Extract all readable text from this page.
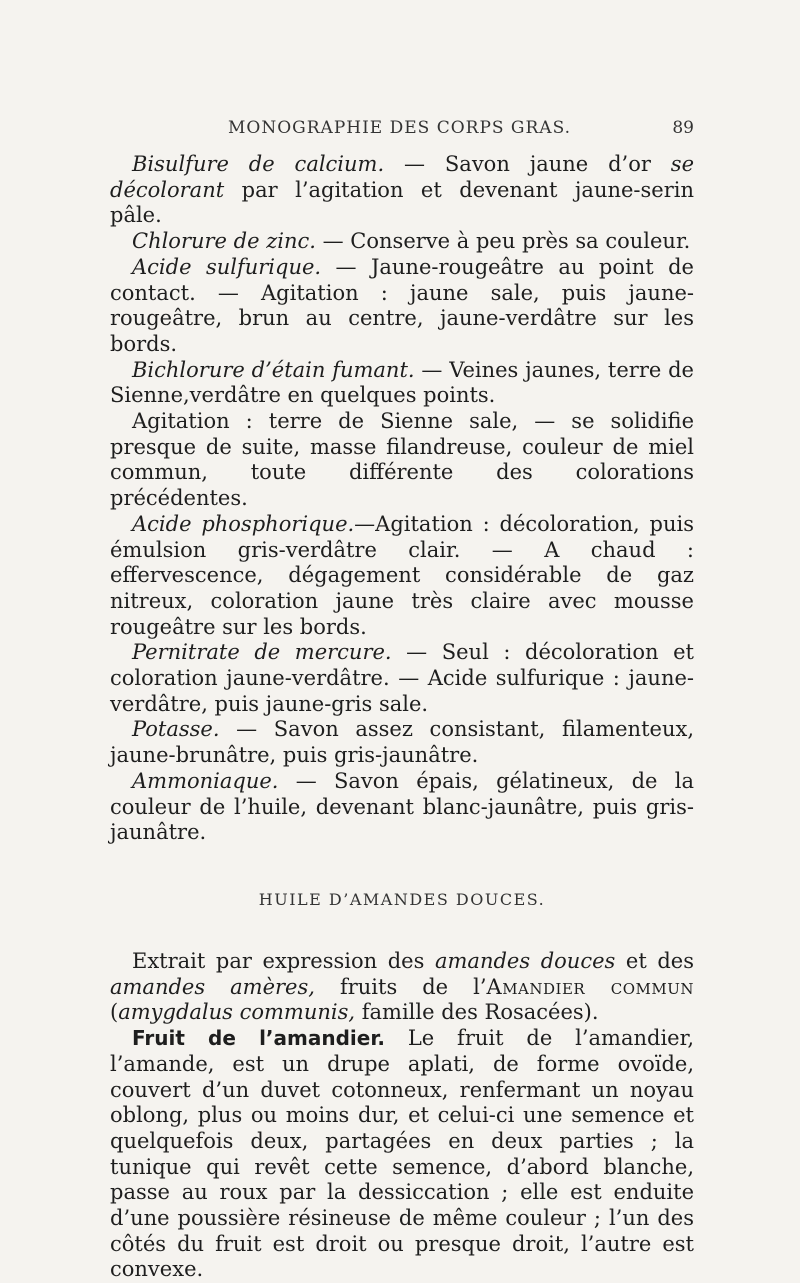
MONOGRAPHIE DES CORPS GRAS.	89

Bisulfure de calcium. — Savon jaune d’or se décolorant par l’agitation et devenant jaune-serin pâle.

Chlorure de zinc. — Conserve à peu près sa couleur.

Acide sulfurique. — Jaune-rougeâtre au point de contact. — Agitation : jaune sale, puis jaune-rougeâtre, brun au centre, jaune-verdâtre sur les bords.

Bichlorure d’étain fumant. — Veines jaunes, terre de Sienne,verdâtre en quelques points.

Agitation : terre de Sienne sale, — se solidifie presque de suite, masse filandreuse, couleur de miel commun, toute différente des colorations précédentes.

Acide phosphorique.—Agitation : décoloration, puis émulsion gris-verdâtre clair. — A chaud : effervescence, dégagement considérable de gaz nitreux, coloration jaune très claire avec mousse rougeâtre sur les bords.

Pernitrate de mercure. — Seul : décoloration et coloration jaune-verdâtre. — Acide sulfurique : jaune-verdâtre, puis jaune-gris sale.

Potasse. — Savon assez consistant, filamenteux, jaune-brunâtre, puis gris-jaunâtre.

Ammoniaque. — Savon épais, gélatineux, de la couleur de l’huile, devenant blanc-jaunâtre, puis gris-jaunâtre.

HUILE D’AMANDES DOUCES.

Extrait par expression des amandes douces et des amandes amères, fruits de l’Amandier commun (amygdalus communis, famille des Rosacées).

Fruit de l’amandier. Le fruit de l’amandier, l’amande, est un drupe aplati, de forme ovoïde, couvert d’un duvet cotonneux, renfermant un noyau oblong, plus ou moins dur, et celui-ci une semence et quelquefois deux, partagées en deux parties ; la tunique qui revêt cette semence, d’abord blanche, passe au roux par la dessiccation ; elle est enduite d’une poussière résineuse de même couleur ; l’un des côtés du fruit est droit ou presque droit, l’autre est convexe.
